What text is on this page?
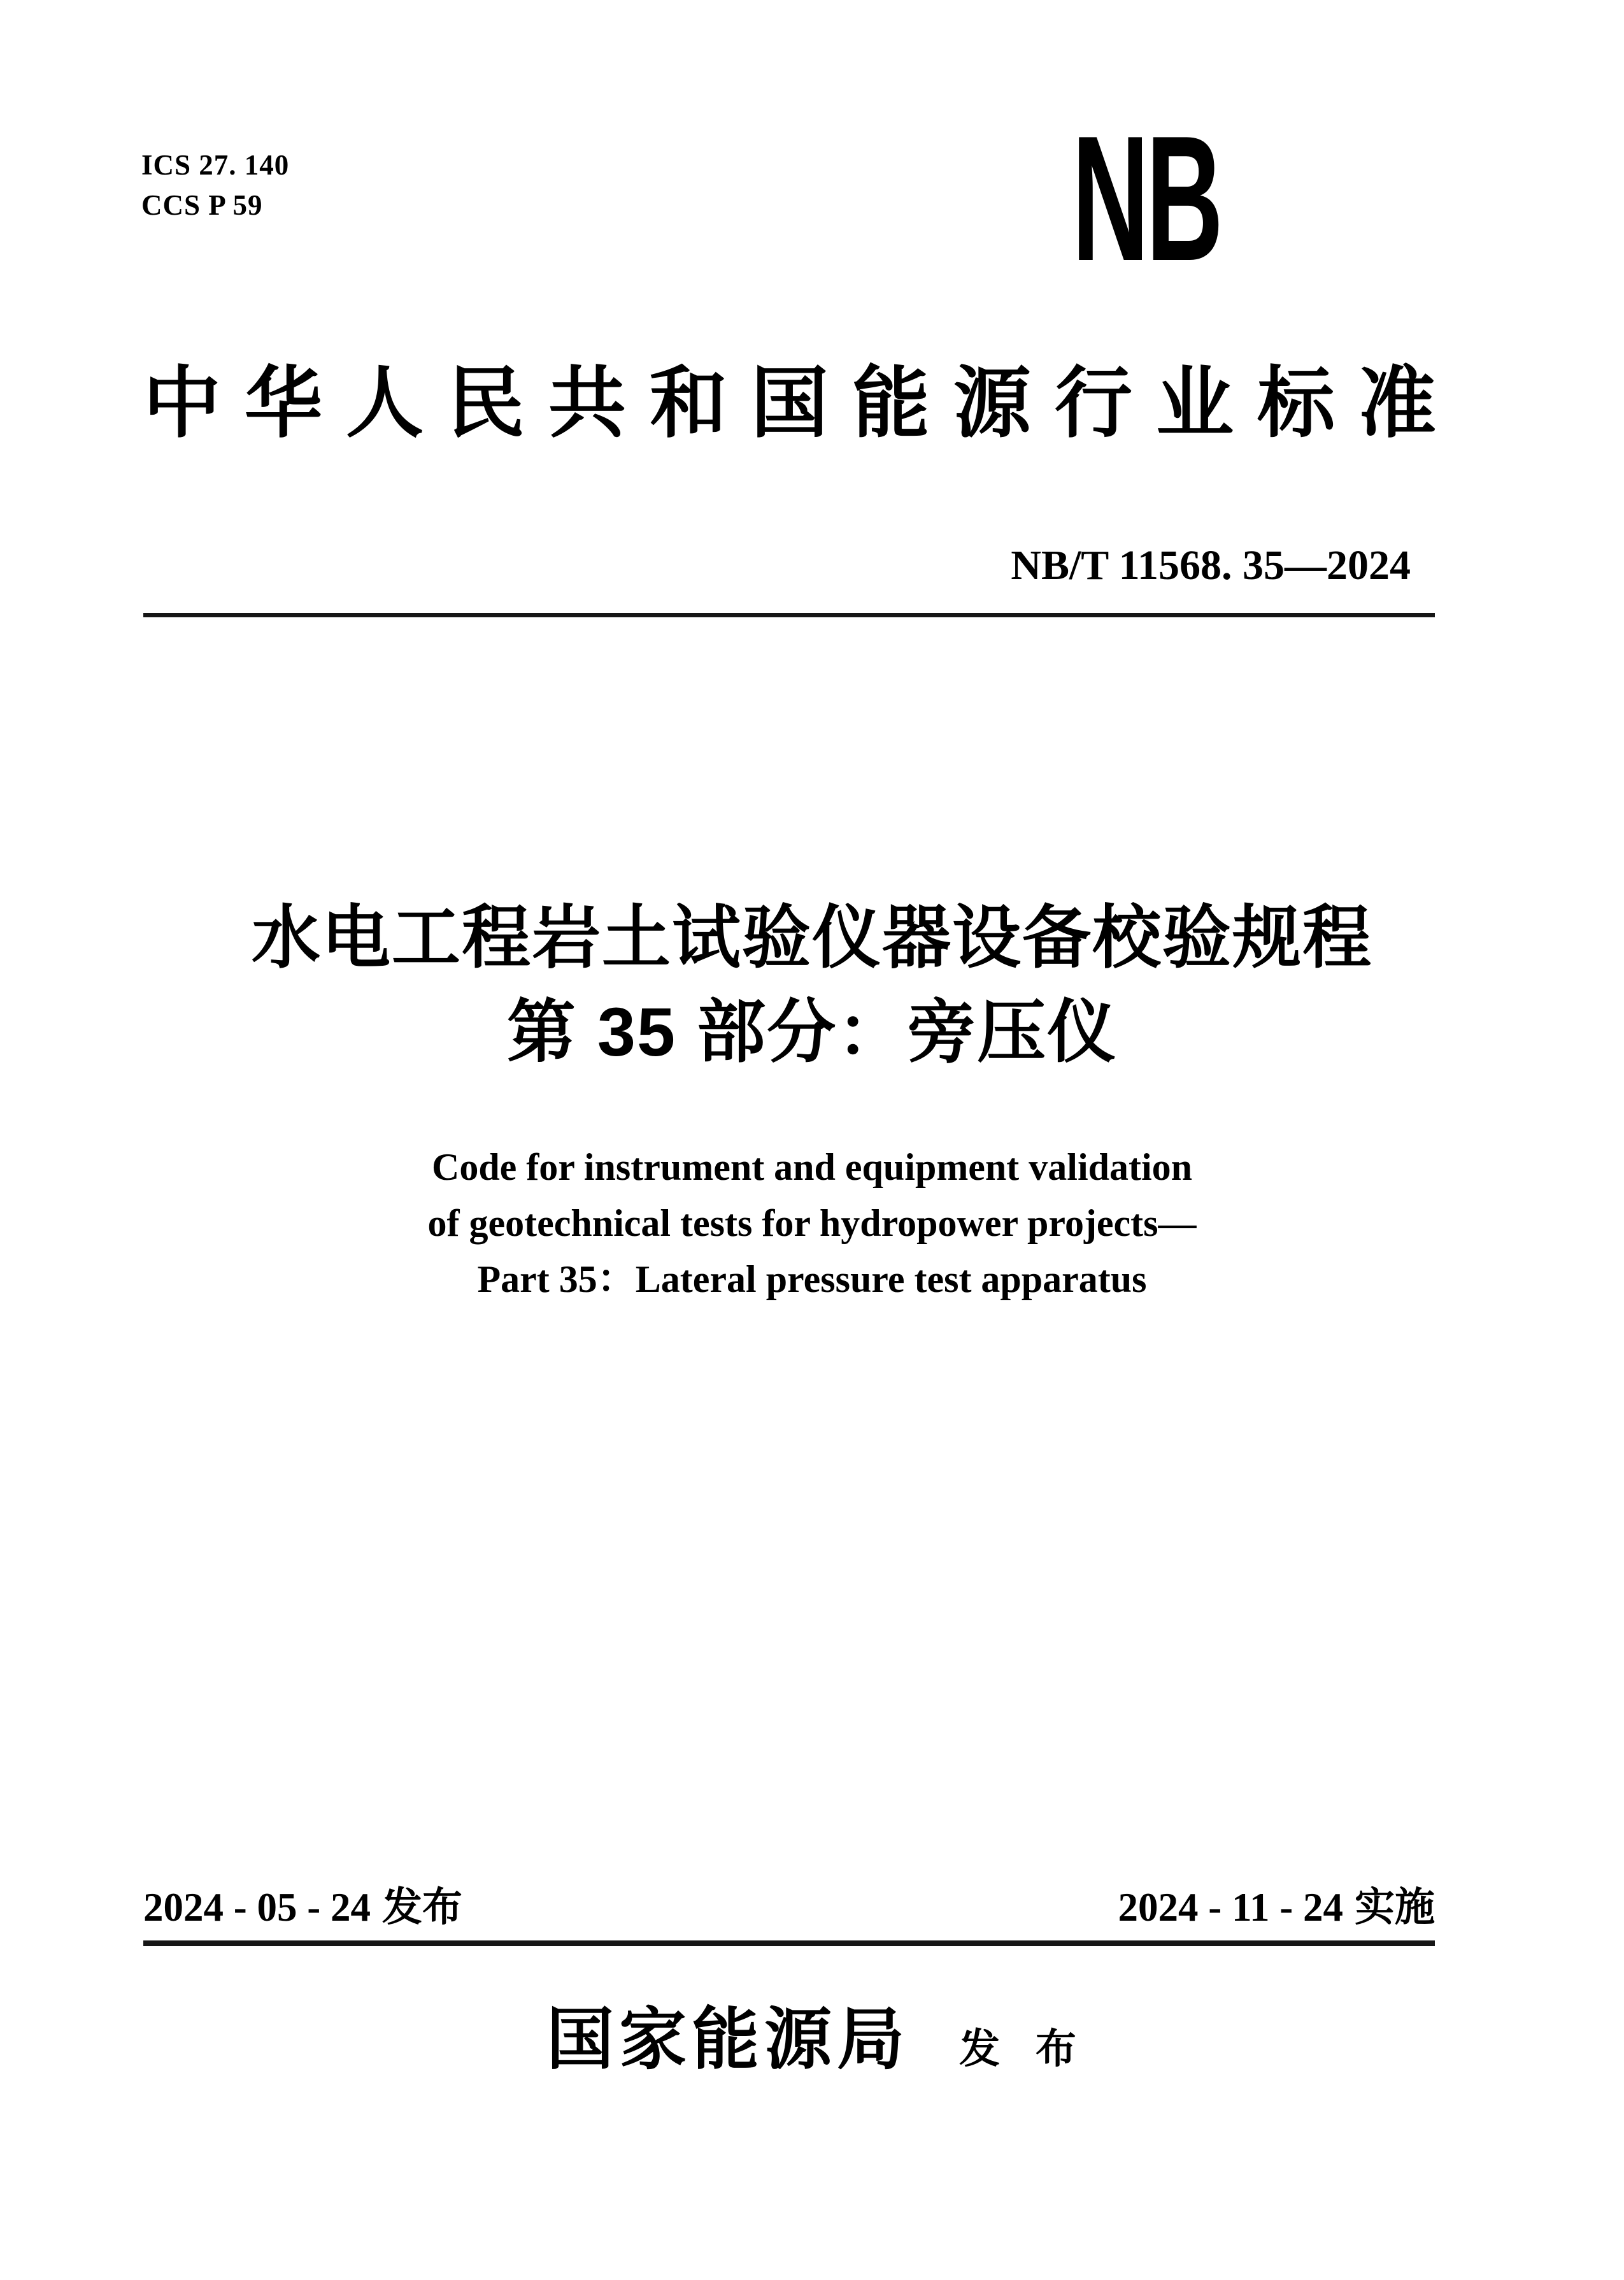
ICS 27. 140
CCS P 59	NB
中华人民共和国能源行业标准
NB/T 11568. 35—2024
水电工程岩土试验仪器设备校验规程
第 35 部分：旁压仪
Code for instrument and equipment validation
of geotechnical tests for hydropower projects—
Part 35：Lateral pressure test apparatus
2024 - 05 - 24 发布	2024 - 11 - 24 实施
国家能源局 发 布
